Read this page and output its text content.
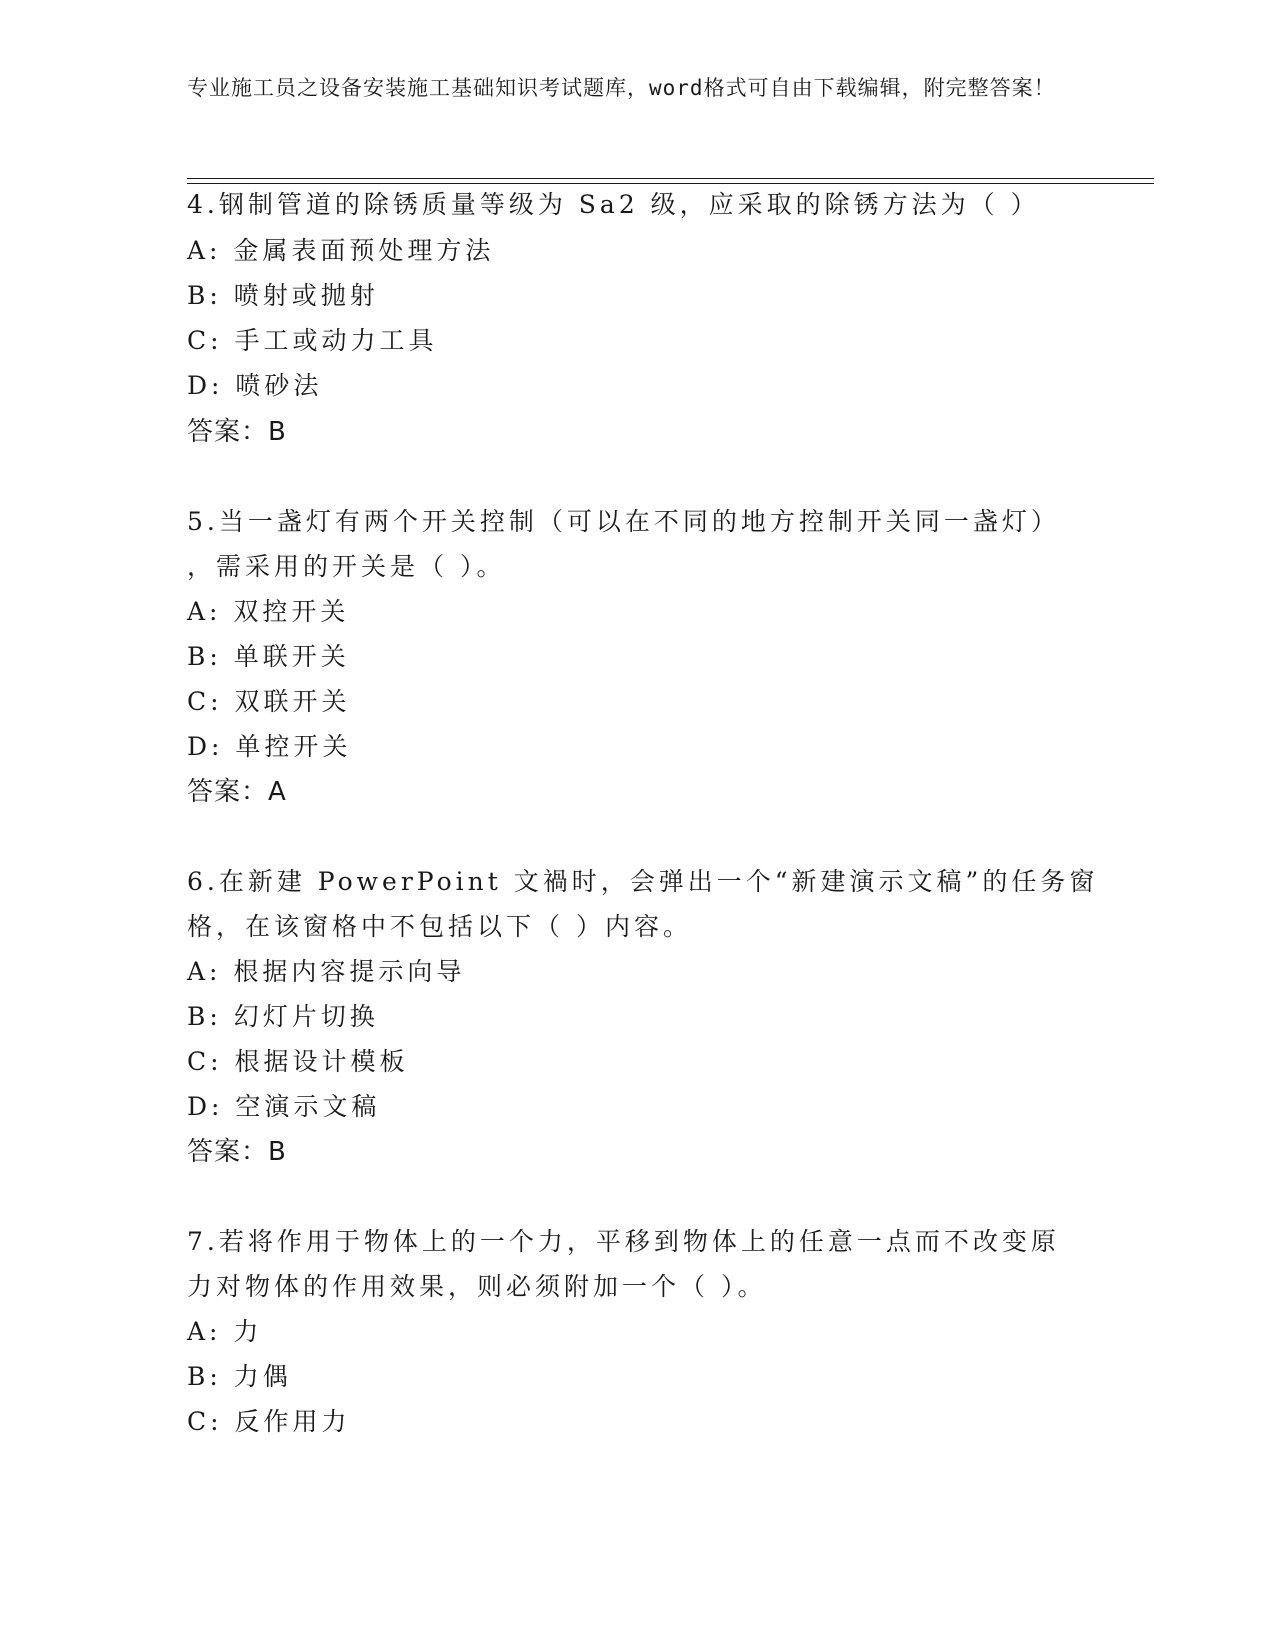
专业施工员之设备安装施工基础知识考试题库，word格式可自由下载编辑，附完整答案！
4.钢制管道的除锈质量等级为 Sa2 级，应采取的除锈方法为（ ）
A: 金属表面预处理方法
B: 喷射或抛射
C: 手工或动力工具
D: 喷砂法
答案：B
5.当一盏灯有两个开关控制（可以在不同的地方控制开关同一盏灯）
，需采用的开关是（ ）。
A: 双控开关
B: 单联开关
C: 双联开关
D: 单控开关
答案：A
6.在新建 PowerPoint 文禍时，会弹出一个“新建演示文稿”的任务窗
格，在该窗格中不包括以下（ ）内容。
A: 根据内容提示向导
B: 幻灯片切换
C: 根据设计模板
D: 空演示文稿
答案：B
7.若将作用于物体上的一个力，平移到物体上的任意一点而不改变原
力对物体的作用效果，则必须附加一个（ ）。
A: 力
B: 力偶
C: 反作用力
